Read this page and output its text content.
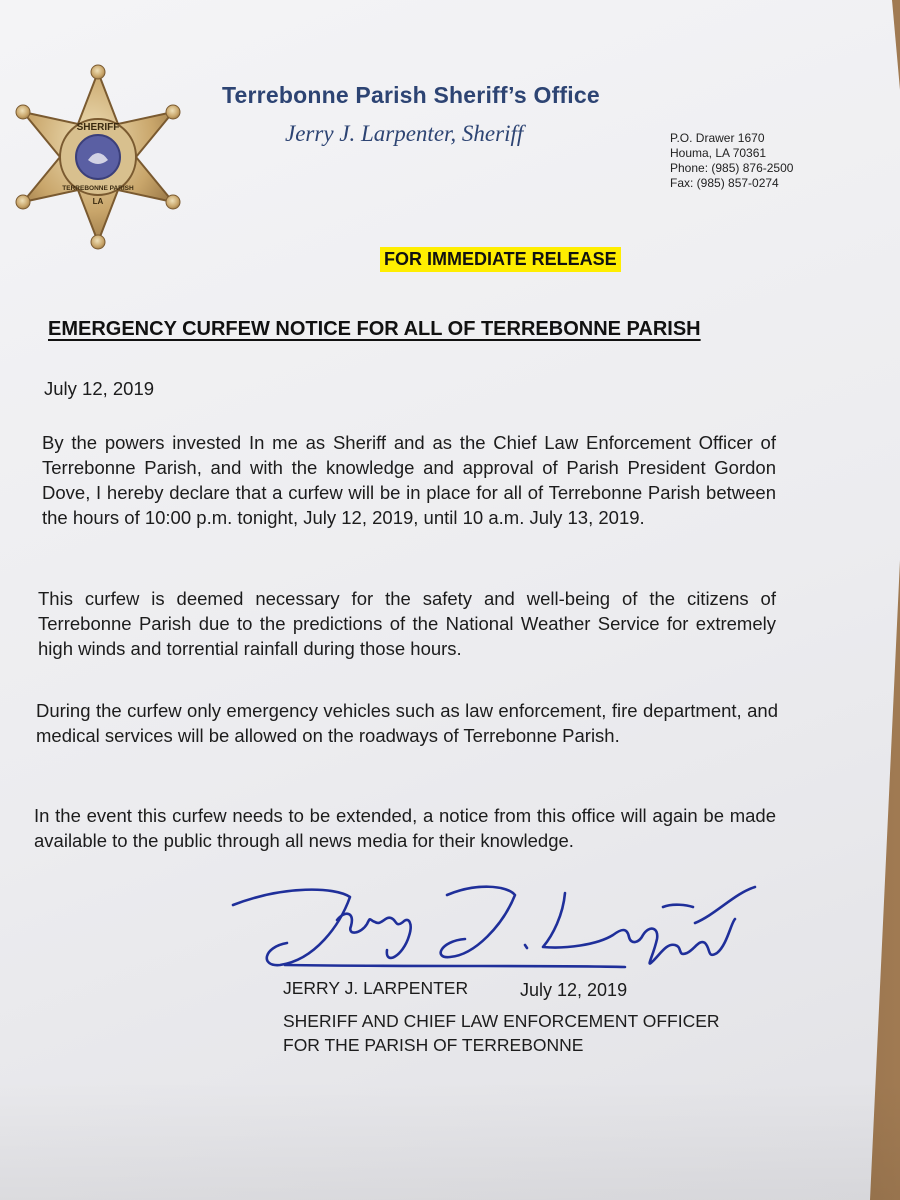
SHERIFF
TERREBONNE PARISH
LA
Terrebonne Parish Sheriff’s Office
Jerry J. Larpenter, Sheriff	P.O. Drawer 1670
Houma, LA 70361
Phone: (985) 876-2500
Fax: (985) 857-0274
FOR IMMEDIATE RELEASE
EMERGENCY CURFEW NOTICE FOR ALL OF TERREBONNE PARISH
July 12, 2019

By the powers invested In me as Sheriff and as the Chief Law Enforcement Officer of Terrebonne Parish, and with the knowledge and approval of Parish President Gordon Dove, I hereby declare that a curfew will be in place for all of Terrebonne Parish between the hours of 10:00 p.m. tonight, July 12, 2019, until 10 a.m. July 13, 2019.

This curfew is deemed necessary for the safety and well-being of the citizens of Terrebonne Parish due to the predictions of the National Weather Service for extremely high winds and torrential rainfall during those hours.

During the curfew only emergency vehicles such as law enforcement, fire department, and medical services will be allowed on the roadways of Terrebonne Parish.

In the event this curfew needs to be extended, a notice from this office will again be made available to the public through all news media for their knowledge.

JERRY J. LARPENTER	July 12, 2019
SHERIFF AND CHIEF LAW ENFORCEMENT OFFICER
FOR THE PARISH OF TERREBONNE
